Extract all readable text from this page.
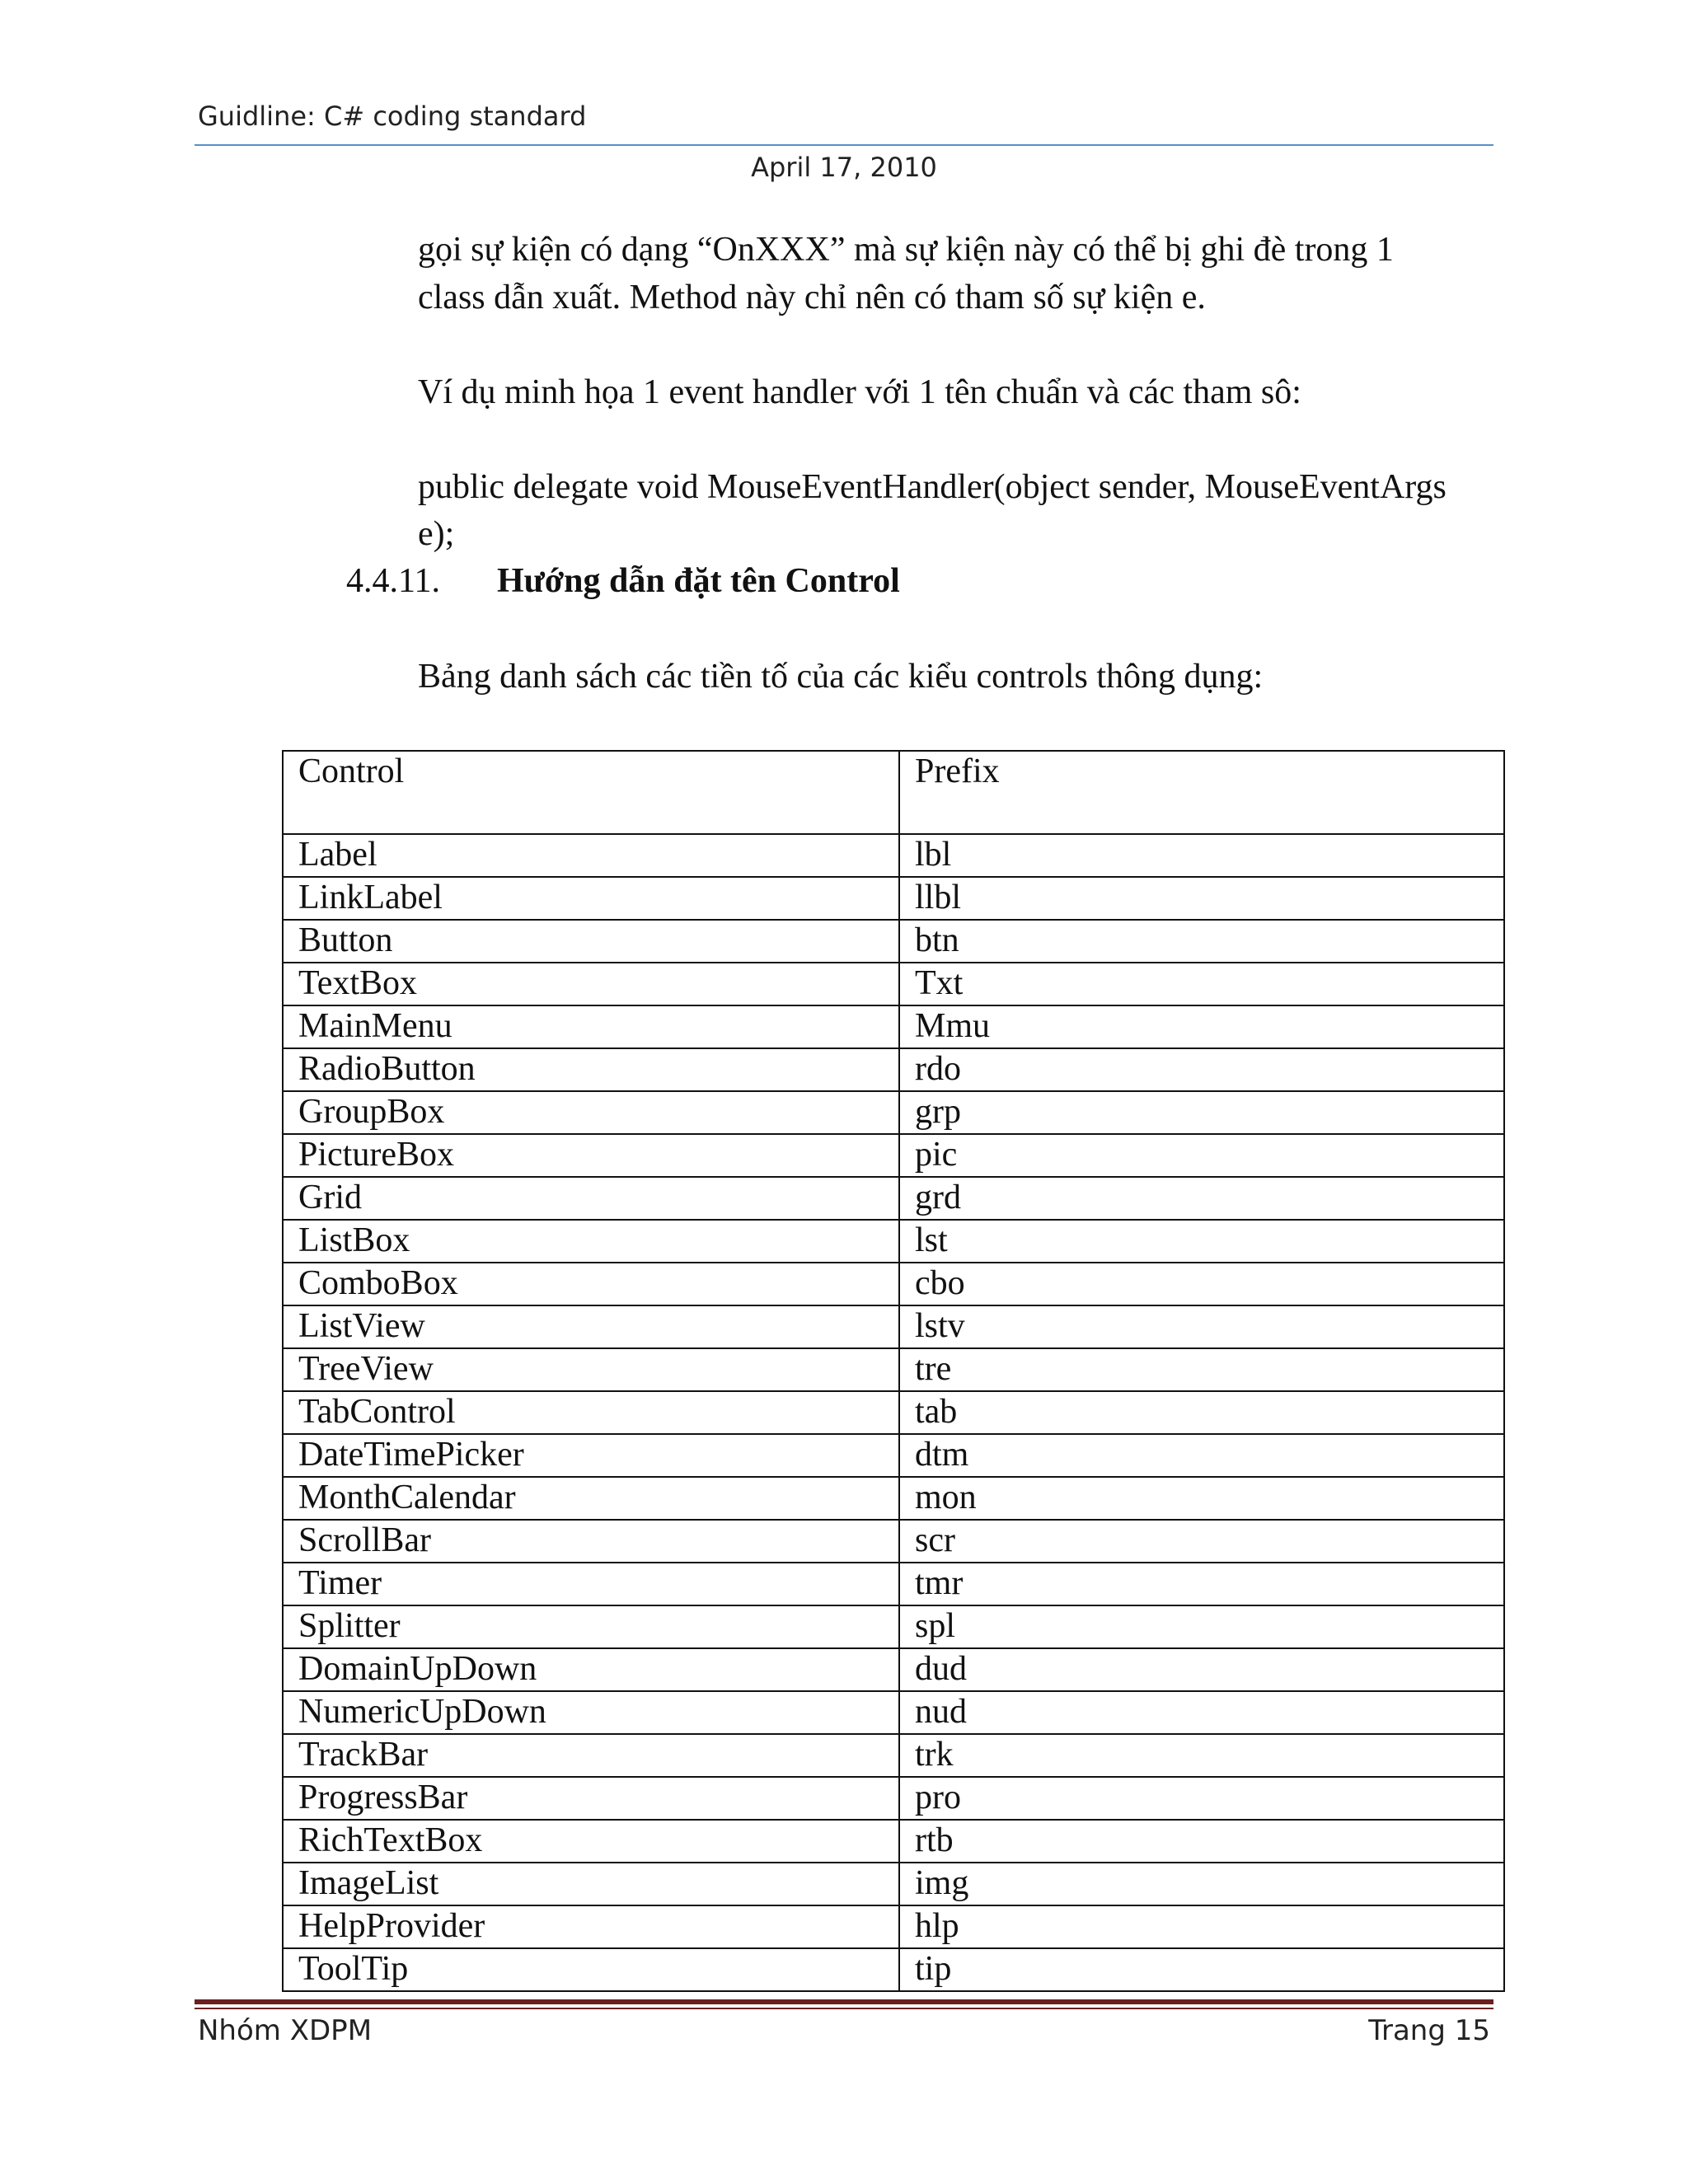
Guidline: C# coding standard
April 17, 2010
gọi sự kiện có dạng “OnXXX” mà sự kiện này có thể bị ghi đè trong 1
class dẫn xuất. Method này chỉ nên có tham số sự kiện e.
Ví dụ minh họa 1 event handler với 1 tên chuẩn và các tham sô:
public delegate void MouseEventHandler(object sender, MouseEventArgs
e);
4.4.11. Hướng dẫn đặt tên Control
Bảng danh sách các tiền tố của các kiểu controls thông dụng:
Control	Prefix
Label	lbl
LinkLabel	llbl
Button	btn
TextBox	Txt
MainMenu	Mmu
RadioButton	rdo
GroupBox	grp
PictureBox	pic
Grid	grd
ListBox	lst
ComboBox	cbo
ListView	lstv
TreeView	tre
TabControl	tab
DateTimePicker	dtm
MonthCalendar	mon
ScrollBar	scr
Timer	tmr
Splitter	spl
DomainUpDown	dud
NumericUpDown	nud
TrackBar	trk
ProgressBar	pro
RichTextBox	rtb
ImageList	img
HelpProvider	hlp
ToolTip	tip
Nhóm XDPM	Trang 15
